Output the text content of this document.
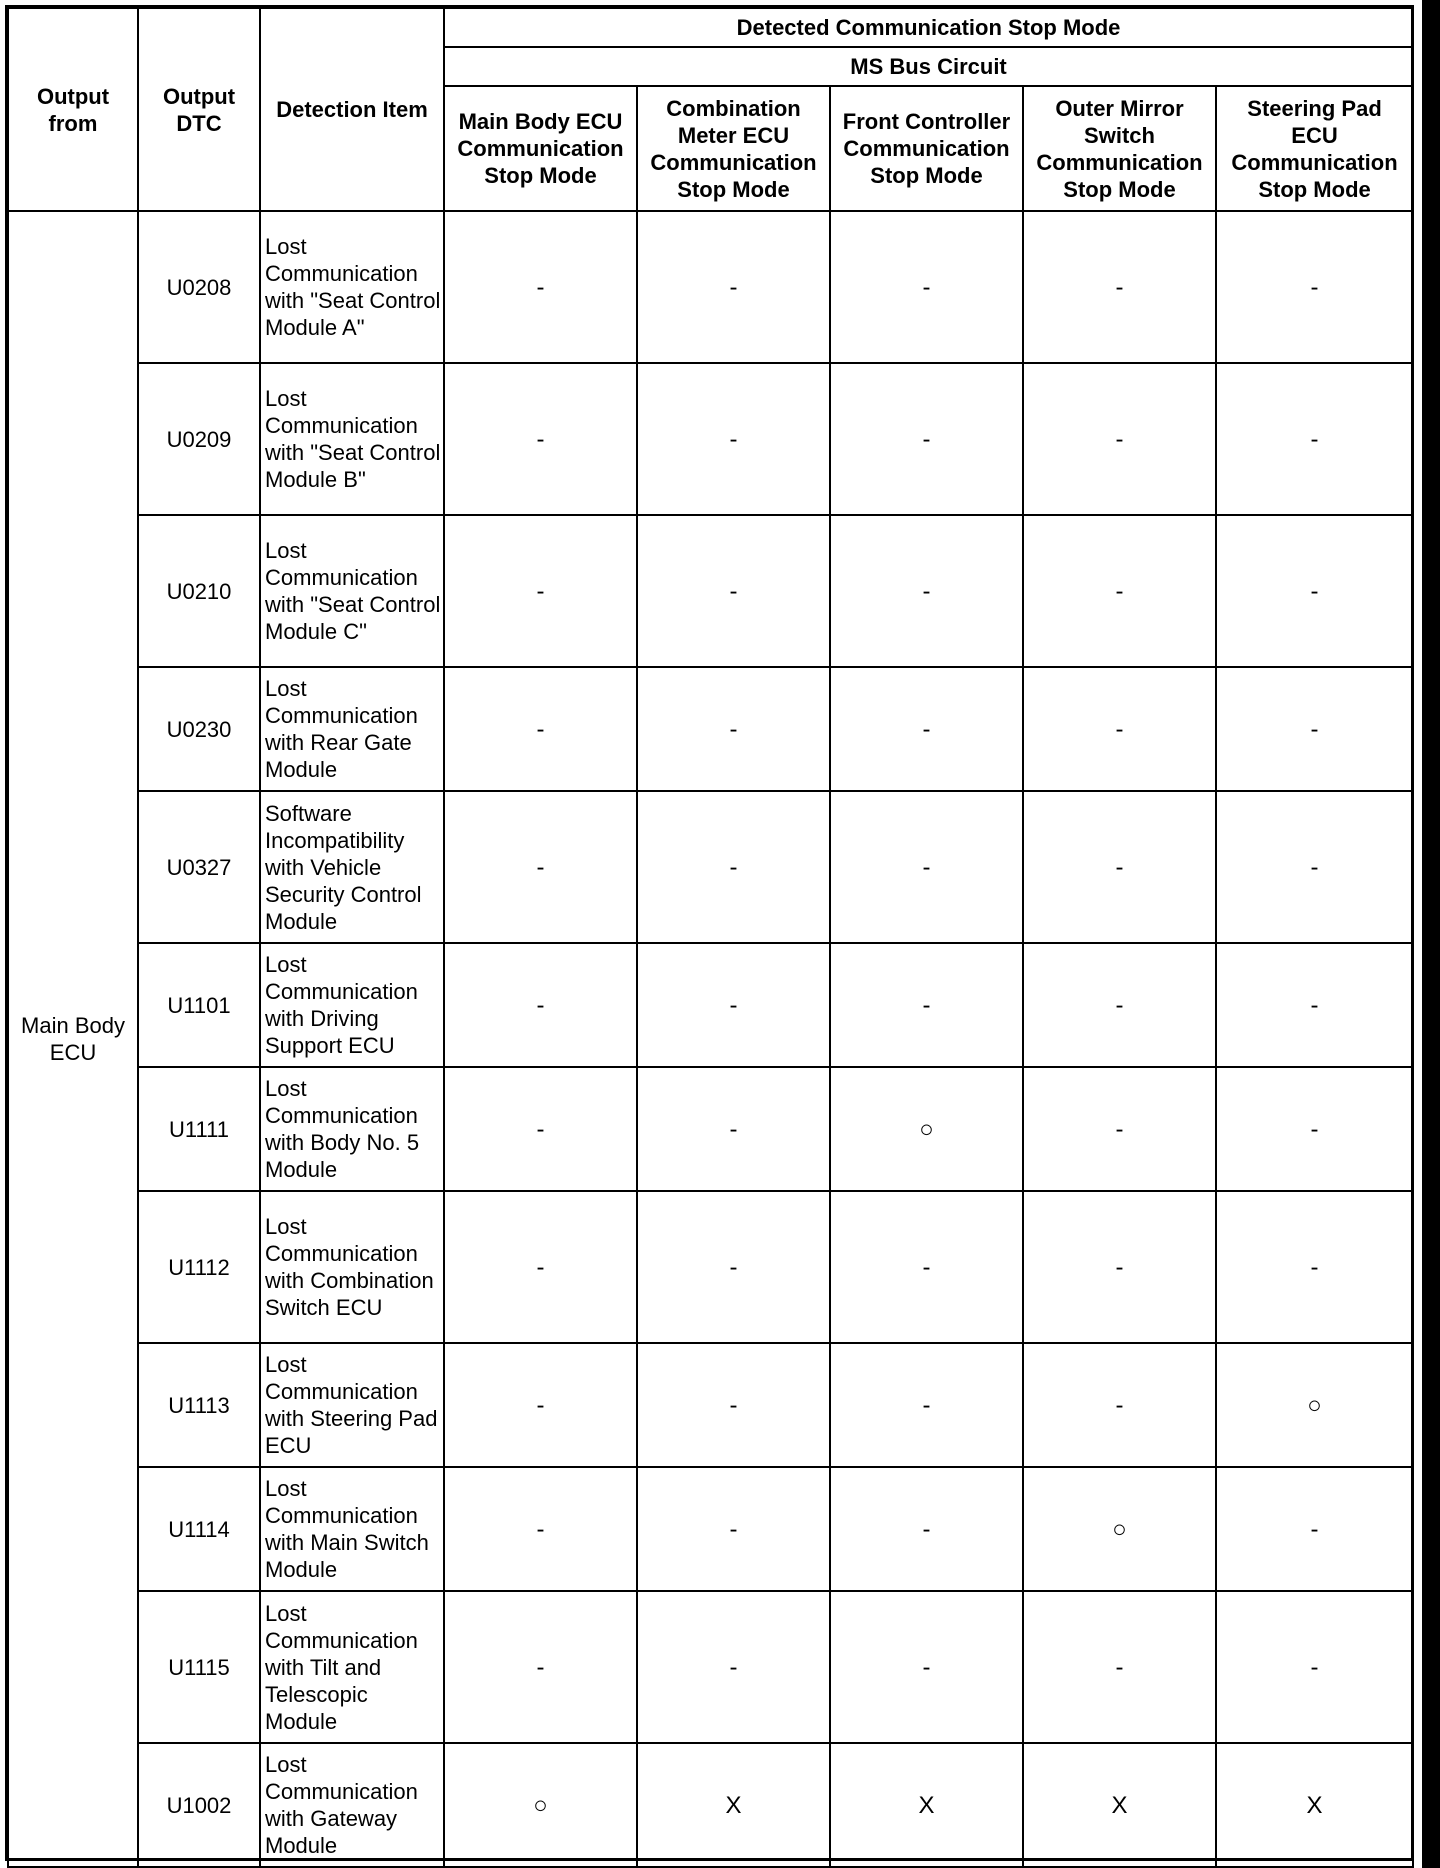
Output from	Output DTC	Detection Item	Detected Communication Stop Mode				
			MS Bus Circuit				
			Main Body ECU Communication Stop Mode	Combination Meter ECU Communication Stop Mode	Front Controller Communication Stop Mode	Outer Mirror Switch Communication Stop Mode	Steering Pad ECU Communication Stop Mode
Main Body ECU	U0208	Lost Communication with "Seat Control Module A"	-	-	-	-	-
	U0209	Lost Communication with "Seat Control Module B"	-	-	-	-	-
	U0210	Lost Communication with "Seat Control Module C"	-	-	-	-	-
	U0230	Lost Communication with Rear Gate Module	-	-	-	-	-
	U0327	Software Incompatibility with Vehicle Security Control Module	-	-	-	-	-
	U1101	Lost Communication with Driving Support ECU	-	-	-	-	-
	U1111	Lost Communication with Body No. 5 Module	-	-	○	-	-
	U1112	Lost Communication with Combination Switch ECU	-	-	-	-	-
	U1113	Lost Communication with Steering Pad ECU	-	-	-	-	○
	U1114	Lost Communication with Main Switch Module	-	-	-	○	-
	U1115	Lost Communication with Tilt and Telescopic Module	-	-	-	-	-
	U1002	Lost Communication with Gateway Module	○	X	X	X	X
